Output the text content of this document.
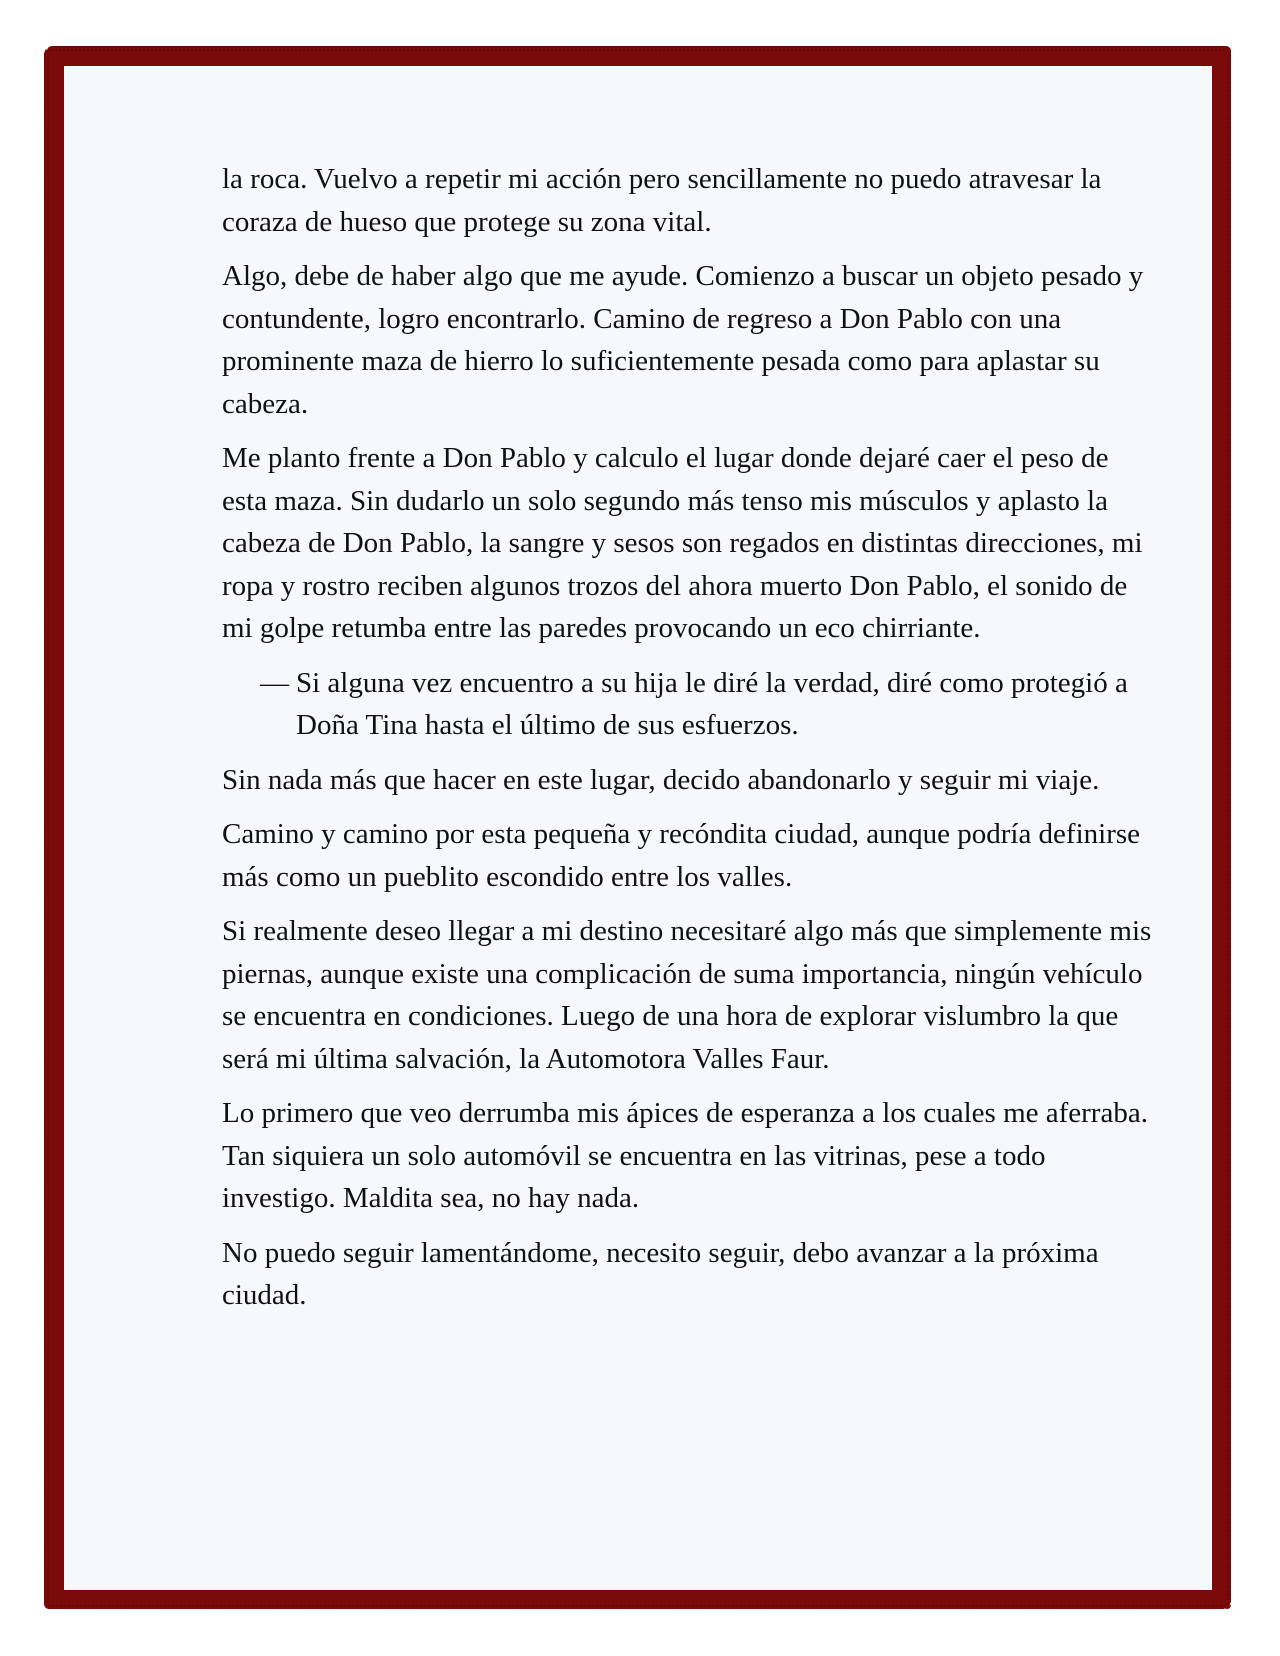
la roca. Vuelvo a repetir mi acción pero sencillamente no puedo atravesar la coraza de hueso que protege su zona vital.

Algo, debe de haber algo que me ayude. Comienzo a buscar un objeto pesado y contundente, logro encontrarlo. Camino de regreso a Don Pablo con una prominente maza de hierro lo suficientemente pesada como para aplastar su cabeza.

Me planto frente a Don Pablo y calculo el lugar donde dejaré caer el peso de esta maza. Sin dudarlo un solo segundo más tenso mis músculos y aplasto la cabeza de Don Pablo, la sangre y sesos son regados en distintas direcciones, mi ropa y rostro reciben algunos trozos del ahora muerto Don Pablo, el sonido de mi golpe retumba entre las paredes provocando un eco chirriante.

— Si alguna vez encuentro a su hija le diré la verdad, diré como protegió a Doña Tina hasta el último de sus esfuerzos.

Sin nada más que hacer en este lugar, decido abandonarlo y seguir mi viaje.

Camino y camino por esta pequeña y recóndita ciudad, aunque podría definirse más como un pueblito escondido entre los valles.

Si realmente deseo llegar a mi destino necesitaré algo más que simplemente mis piernas, aunque existe una complicación de suma importancia, ningún vehículo se encuentra en condiciones. Luego de una hora de explorar vislumbro la que será mi última salvación, la Automotora Valles Faur.

Lo primero que veo derrumba mis ápices de esperanza a los cuales me aferraba. Tan siquiera un solo automóvil se encuentra en las vitrinas, pese a todo investigo. Maldita sea, no hay nada.

No puedo seguir lamentándome, necesito seguir, debo avanzar a la próxima ciudad.
